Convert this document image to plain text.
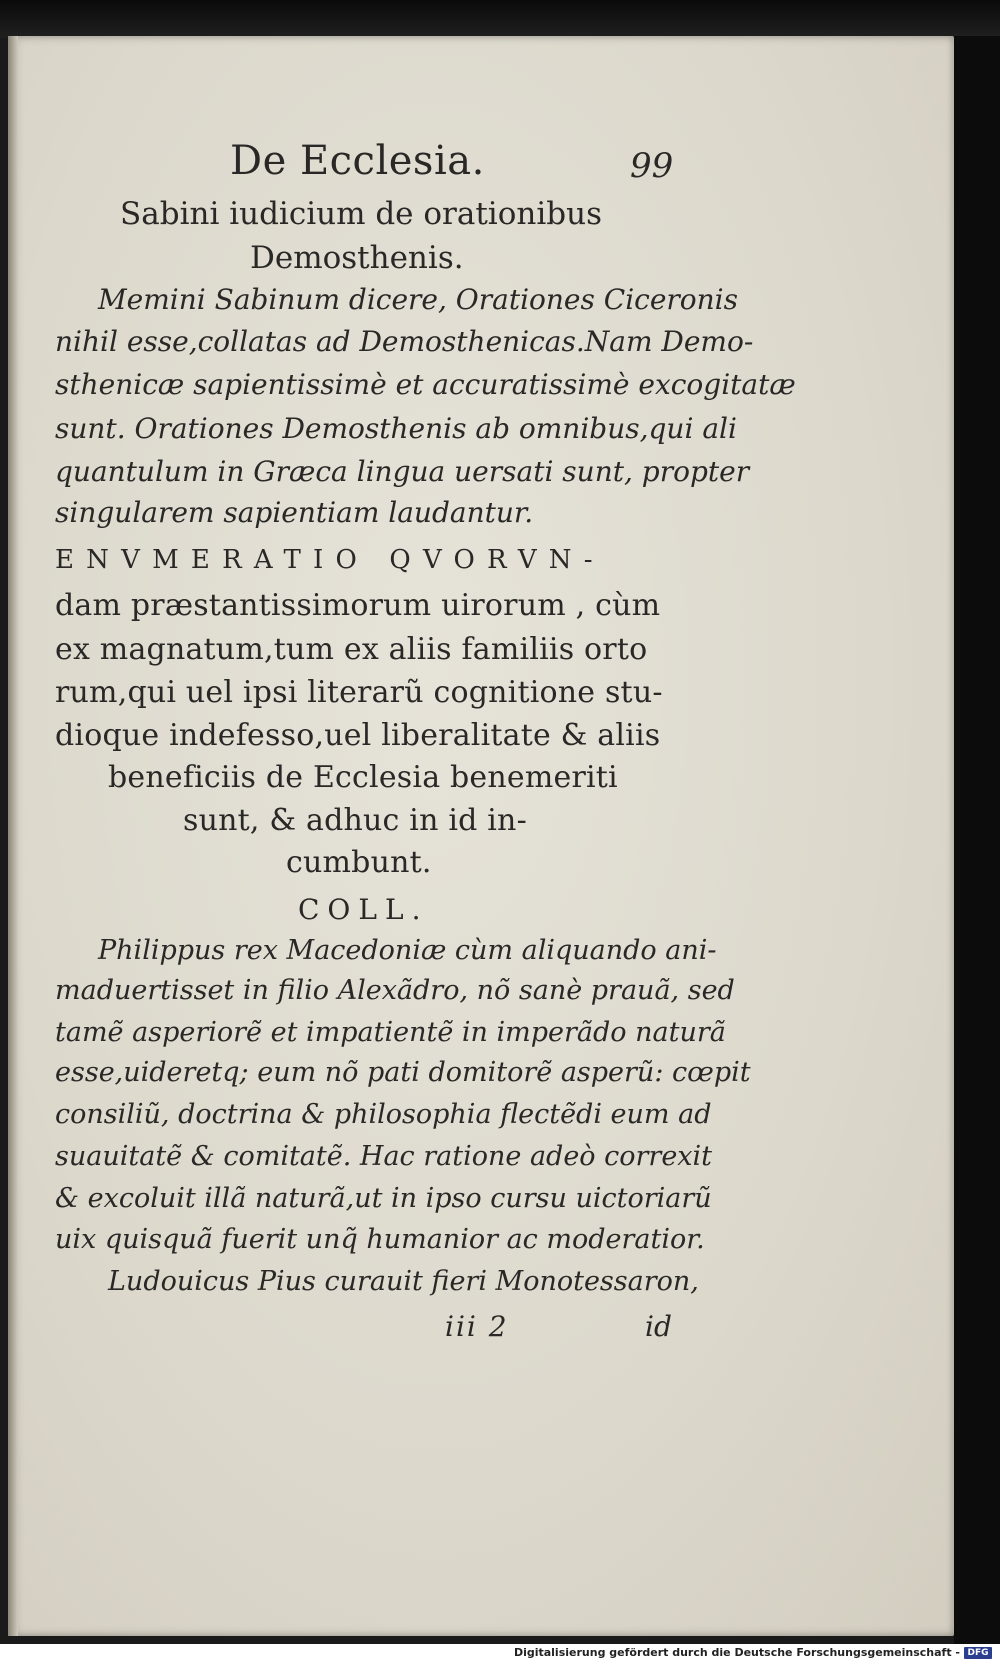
De Ecclesia.	99
Sabini iudicium de orationibus
Demosthenis.
Memini Sabinum dicere, Orationes Ciceronis
nihil esse,collatas ad Demosthenicas.Nam Demo-
sthenicæ sapientissimè et accuratissimè excogitatæ
sunt. Orationes Demosthenis ab omnibus,qui ali
quantulum in Græca lingua uersati sunt, propter
singularem sapientiam laudantur.
ENVMERATIO QVORVN-
dam præstantissimorum uirorum , cùm
ex magnatum,tum ex aliis familiis orto
rum,qui uel ipsi literarũ cognitione stu-
dioque indefesso,uel liberalitate & aliis
beneficiis de Ecclesia benemeriti
sunt, & adhuc in id in-
cumbunt.
COLL.
Philippus rex Macedoniæ cùm aliquando ani-
maduertisset in filio Alexãdro, nõ sanè prauã, sed
tamẽ asperiorẽ et impatientẽ in imperãdo naturã
esse,uideretq; eum nõ pati domitorẽ asperũ: cœpit
consiliũ, doctrina & philosophia flectẽdi eum ad
suauitatẽ & comitatẽ. Hac ratione adeò correxit
& excoluit illã naturã,ut in ipso cursu uictoriarũ
uix quisquã fuerit unq̃ humanior ac moderatior.
Ludouicus Pius curauit fieri Monotessaron,
iii 2	id
Digitalisierung gefördert durch die Deutsche Forschungsgemeinschaft - DFG
